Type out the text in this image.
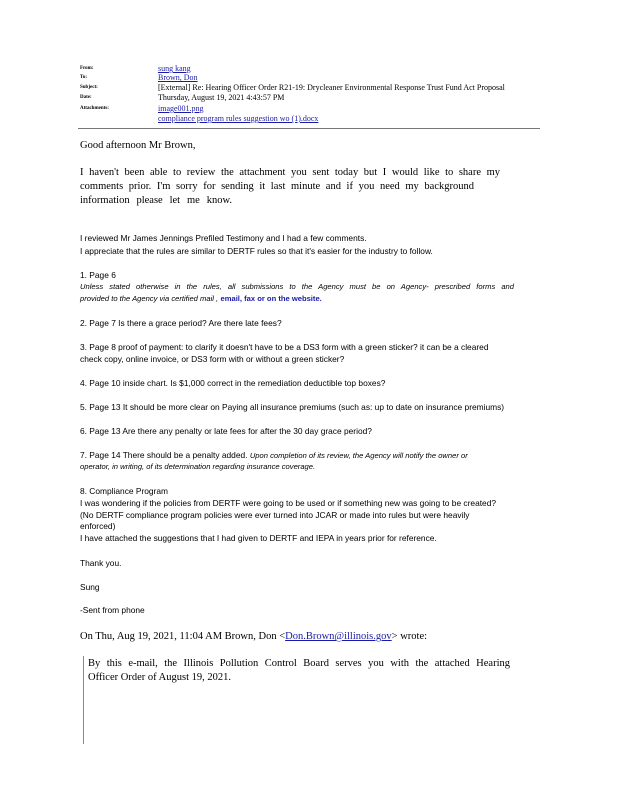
From:	sung kang
To:	Brown, Don
Subject:	[External] Re: Hearing Officer Order R21-19: Drycleaner Environmental Response Trust Fund Act Proposal
Date:	Thursday, August 19, 2021 4:43:57 PM
Attachments:	image001.png
compliance program rules suggestion wo (1).docx
Good afternoon Mr Brown,
I haven't been able to review the attachment you sent today but I would like to share my
comments prior. I'm sorry for sending it last minute and if you need my background
information please let me know.
I reviewed Mr James Jennings Prefiled Testimony and I had a few comments.
I appreciate that the rules are similar to DERTF rules so that it's easier for the industry to follow.
1. Page 6
Unless stated otherwise in the rules, all submissions to the Agency must be on Agency- prescribed forms and
provided to the Agency via certified mail , email, fax or on the website.
2. Page 7 Is there a grace period? Are there late fees?
3. Page 8 proof of payment: to clarify it doesn't have to be a DS3 form with a green sticker? it can be a cleared
check copy, online invoice, or DS3 form with or without a green sticker?
4. Page 10 inside chart. Is $1,000 correct in the remediation deductible top boxes?
5. Page 13 It should be more clear on Paying all insurance premiums (such as: up to date on insurance premiums)
6. Page 13 Are there any penalty or late fees for after the 30 day grace period?
7. Page 14 There should be a penalty added. Upon completion of its review, the Agency will notify the owner or
operator, in writing, of its determination regarding insurance coverage.
8. Compliance Program
I was wondering if the policies from DERTF were going to be used or if something new was going to be created?
(No DERTF compliance program policies were ever turned into JCAR or made into rules but were heavily
enforced)
I have attached the suggestions that I had given to DERTF and IEPA in years prior for reference.
Thank you.
Sung
-Sent from phone
On Thu, Aug 19, 2021, 11:04 AM Brown, Don <Don.Brown@illinois.gov> wrote:
By this e-mail, the Illinois Pollution Control Board serves you with the attached Hearing
Officer Order of August 19, 2021.
